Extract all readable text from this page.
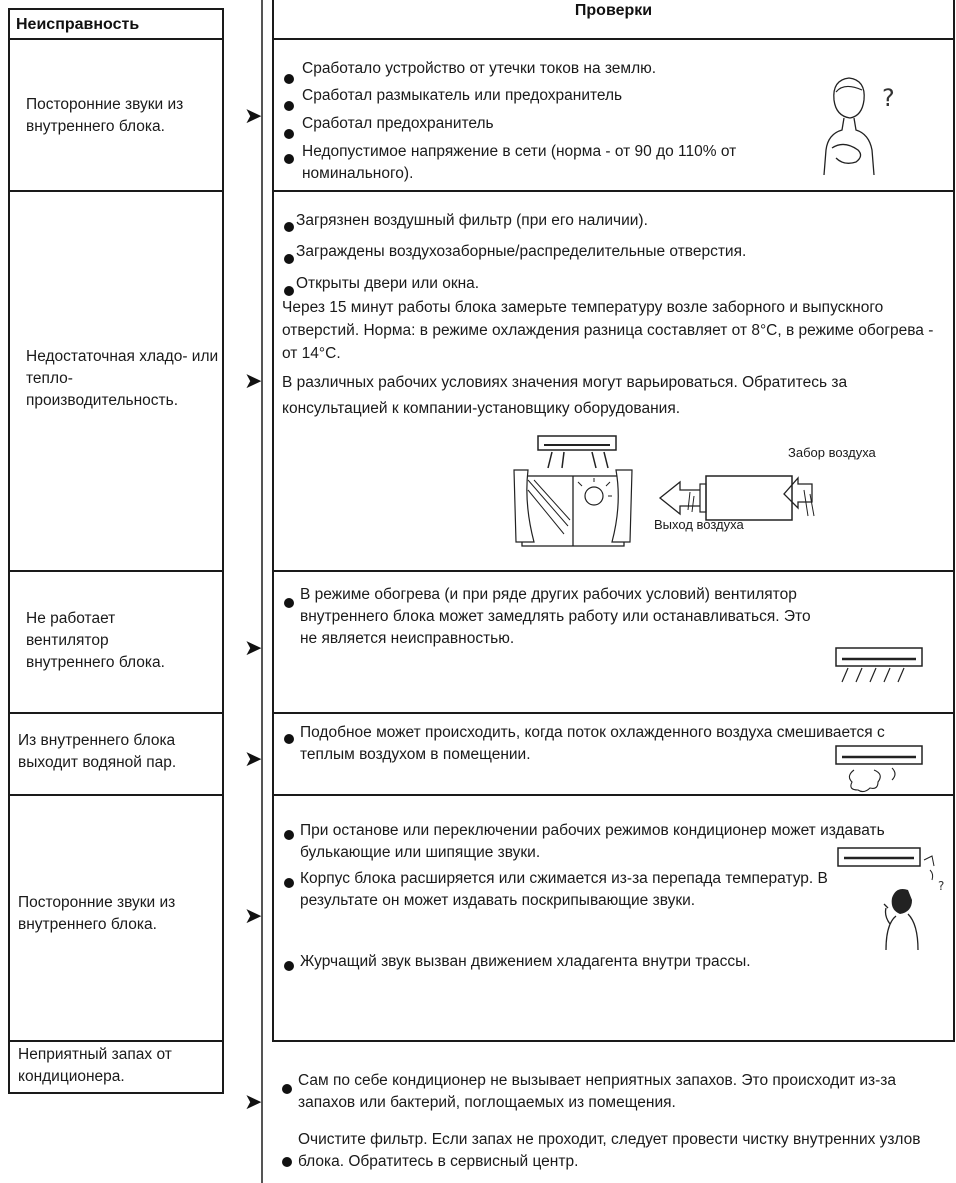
Неисправность
Проверки
Посторонние звуки из внутреннего блока.	➤
Сработало устройство от утечки токов на землю.
Сработал размыкатель или предохранитель
Сработал предохранитель
Недопустимое напряжение в сети (норма - от 90 до 110% от номинального).
?
Недостаточная хладо- или тепло-производительность.
➤
Загрязнен воздушный фильтр (при его наличии).
Заграждены воздухозаборные/распределительные отверстия.
Открыты двери или окна.
Через 15 минут работы блока замерьте температуру возле заборного и выпускного отверстий. Норма: в режиме охлаждения разница составляет от 8°С, в режиме обогрева - от 14°С.
В различных рабочих условиях значения могут варьироваться. Обратитесь за консультацией к компании-установщику оборудования.
Забор воздуха
Выход воздуха
Не работает вентилятор внутреннего блока.
➤
В режиме обогрева (и при ряде других рабочих условий) вентилятор внутреннего блока может замедлять работу или останавливаться. Это не является неисправностью.
Из внутреннего блока выходит водяной пар.	➤
Подобное может происходить, когда поток охлажденного воздуха смешивается с теплым воздухом в помещении.
Посторонние звуки из внутреннего блока.	➤
При останове или переключении рабочих режимов кондиционер может издавать булькающие или шипящие звуки.
Корпус блока расширяется или сжимается из-за перепада температур. В результате он может издавать поскрипывающие звуки.
Журчащий звук вызван движением хладагента внутри трассы.
?
Неприятный запах от кондиционера.
➤
Сам по себе кондиционер не вызывает неприятных запахов. Это происходит из-за запахов или бактерий, поглощаемых из помещения.
Очистите фильтр. Если запах не проходит, следует провести чистку внутренних узлов блока. Обратитесь в сервисный центр.
